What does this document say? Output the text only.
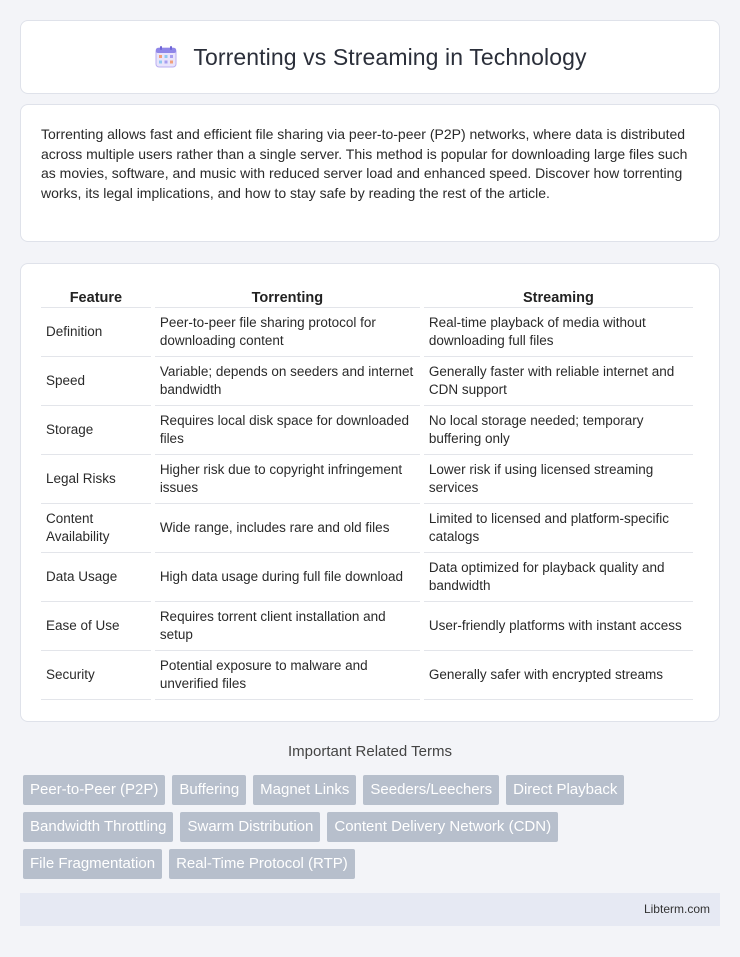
Torrenting vs Streaming in Technology

Torrenting allows fast and efficient file sharing via peer-to-peer (P2P) networks, where data is distributed across multiple users rather than a single server. This method is popular for downloading large files such as movies, software, and music with reduced server load and enhanced speed. Discover how torrenting works, its legal implications, and how to stay safe by reading the rest of the article.

Feature	Torrenting	Streaming
Definition	Peer-to-peer file sharing protocol for downloading content	Real-time playback of media without downloading full files
Speed	Variable; depends on seeders and internet bandwidth	Generally faster with reliable internet and CDN support
Storage	Requires local disk space for downloaded files	No local storage needed; temporary buffering only
Legal Risks	Higher risk due to copyright infringement issues	Lower risk if using licensed streaming services
Content Availability	Wide range, includes rare and old files	Limited to licensed and platform-specific catalogs
Data Usage	High data usage during full file download	Data optimized for playback quality and bandwidth
Ease of Use	Requires torrent client installation and setup	User-friendly platforms with instant access
Security	Potential exposure to malware and unverified files	Generally safer with encrypted streams
Important Related Terms
Peer-to-Peer (P2P)	Buffering	Magnet Links	Seeders/Leechers	Direct Playback
Bandwidth Throttling	Swarm Distribution	Content Delivery Network (CDN)
File Fragmentation	Real-Time Protocol (RTP)
Libterm.com
